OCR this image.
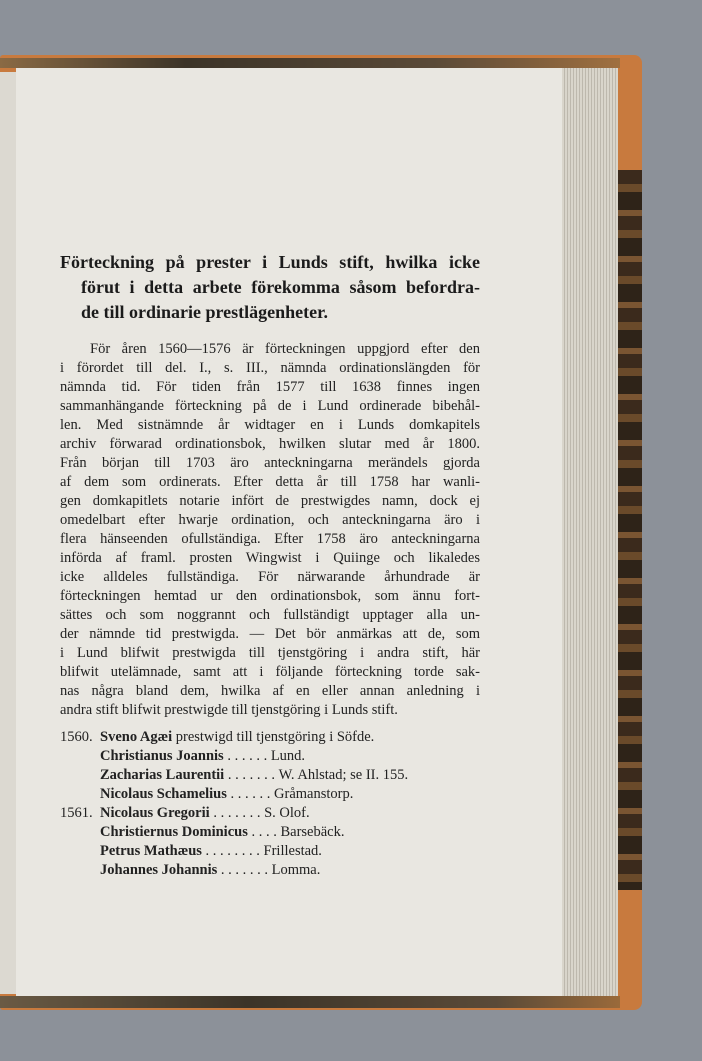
Förteckning på prester i Lunds stift, hwilka icke
förut i detta arbete förekomma såsom befordra-
de till ordinarie prestlägenheter.
För åren 1560—1576 är förteckningen uppgjord efter den
i förordet till del. I., s. III., nämnda ordinationslängden för
nämnda tid. För tiden från 1577 till 1638 finnes ingen
sammanhängande förteckning på de i Lund ordinerade bibehål-
len. Med sistnämnde år widtager en i Lunds domkapitels
archiv förwarad ordinationsbok, hwilken slutar med år 1800.
Från början till 1703 äro anteckningarna merändels gjorda
af dem som ordinerats. Efter detta år till 1758 har wanli-
gen domkapitlets notarie infört de prestwigdes namn, dock ej
omedelbart efter hwarje ordination, och anteckningarna äro i
flera hänseenden ofullständiga. Efter 1758 äro anteckningarna
införda af framl. prosten Wingwist i Quiinge och likaledes
icke alldeles fullständiga. För närwarande århundrade är
förteckningen hemtad ur den ordinationsbok, som ännu fort-
sättes och som noggrannt och fullständigt upptager alla un-
der nämnde tid prestwigda. — Det bör anmärkas att de, som
i Lund blifwit prestwigda till tjenstgöring i andra stift, här
blifwit utelämnade, samt att i följande förteckning torde sak-
nas några bland dem, hwilka af en eller annan anledning i
andra stift blifwit prestwigde till tjenstgöring i Lunds stift.
1560. Sveno Agæi prestwigd till tjenstgöring i Söfde.
Christianus Joannis . . . . . . Lund.
Zacharias Laurentii . . . . . . . W. Ahlstad; se II. 155.
Nicolaus Schamelius . . . . . . Gråmanstorp.
1561. Nicolaus Gregorii . . . . . . . S. Olof.
Christiernus Dominicus . . . . Barsebäck.
Petrus Mathæus . . . . . . . . Frillestad.
Johannes Johannis . . . . . . . Lomma.
